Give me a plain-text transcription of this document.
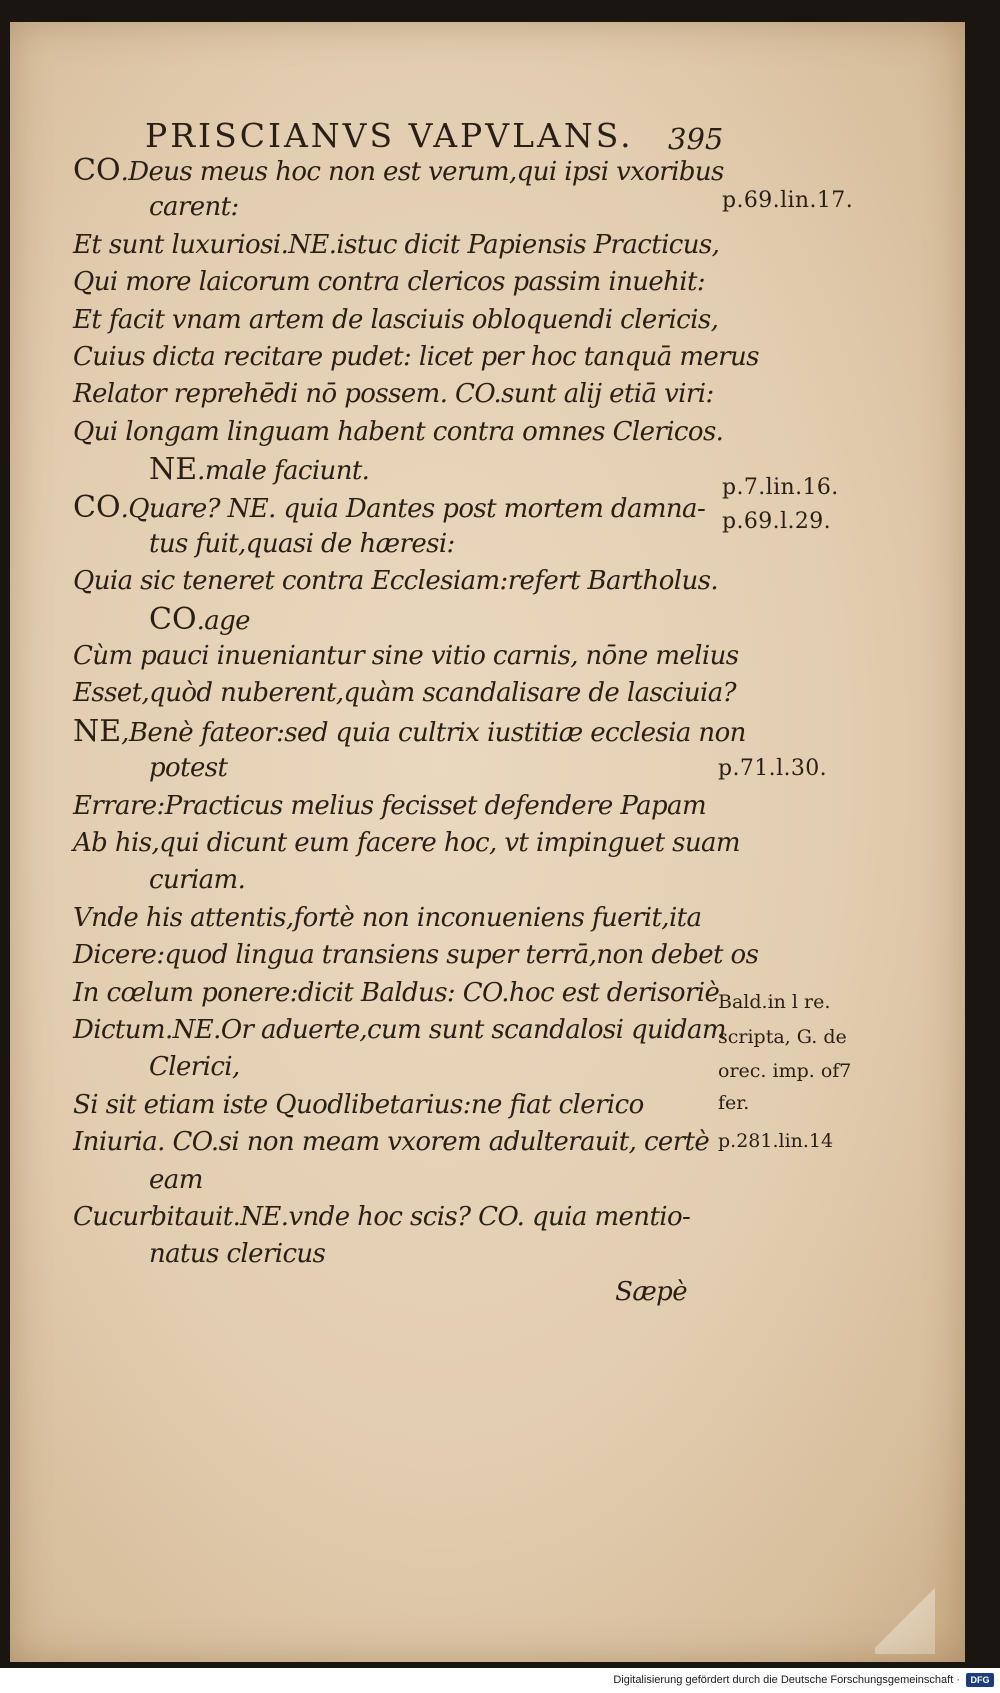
PRISCIANVS VAPVLANS. 395
CO.Deus meus hoc non est verum,qui ipsi vxoribus
carent:
Et sunt luxuriosi.NE.istuc dicit Papiensis Practicus,
Qui more laicorum contra clericos passim inuehit:
Et facit vnam artem de lasciuis obloquendi clericis,
Cuius dicta recitare pudet: licet per hoc tanquā merus
Relator reprehēdi nō possem. CO.sunt alij etiā viri:
Qui longam linguam habent contra omnes Clericos.
NE.male faciunt.
CO.Quare? NE. quia Dantes post mortem damna-
tus fuit,quasi de hæresi:
Quia sic teneret contra Ecclesiam:refert Bartholus.
CO.age
Cùm pauci inueniantur sine vitio carnis, nōne melius
Esset,quòd nuberent,quàm scandalisare de lasciuia?
NE,Benè fateor:sed quia cultrix iustitiæ ecclesia non
potest
Errare:Practicus melius fecisset defendere Papam
Ab his,qui dicunt eum facere hoc, vt impinguet suam
curiam.
Vnde his attentis,fortè non inconueniens fuerit,ita
Dicere:quod lingua transiens super terrā,non debet os
In cœlum ponere:dicit Baldus: CO.hoc est derisoriè
Dictum.NE.Or aduerte,cum sunt scandalosi quidam
Clerici,
Si sit etiam iste Quodlibetarius:ne fiat clerico
Iniuria. CO.si non meam vxorem adulterauit, certè
eam
Cucurbitauit.NE.vnde hoc scis? CO. quia mentio-
natus clericus
Sæpè
p.69.lin.17.
p.7.lin.16.
p.69.l.29.
p.71.l.30.
Bald.in l re.
scripta, G. de
orec. imp. of7
fer.
p.281.lin.14
Digitalisierung gefördert durch die Deutsche Forschungsgemeinschaft ·	DFG
